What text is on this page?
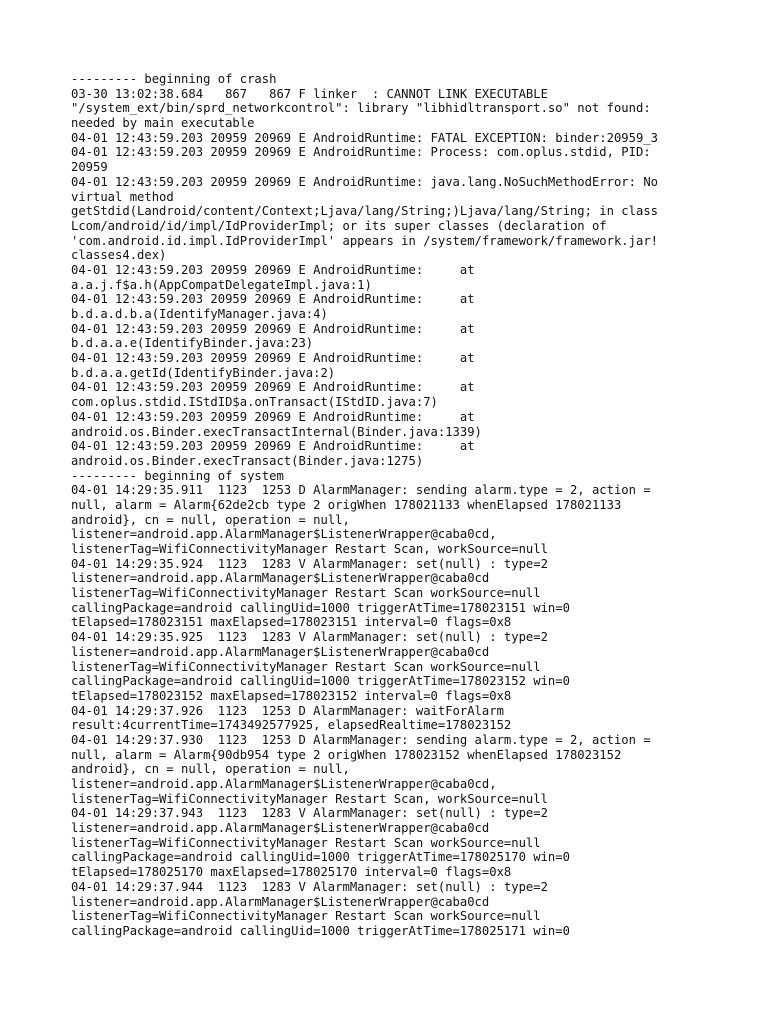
--------- beginning of crash
03-30 13:02:38.684   867   867 F linker  : CANNOT LINK EXECUTABLE
"/system_ext/bin/sprd_networkcontrol": library "libhidltransport.so" not found:
needed by main executable
04-01 12:43:59.203 20959 20969 E AndroidRuntime: FATAL EXCEPTION: binder:20959_3
04-01 12:43:59.203 20959 20969 E AndroidRuntime: Process: com.oplus.stdid, PID:
20959
04-01 12:43:59.203 20959 20969 E AndroidRuntime: java.lang.NoSuchMethodError: No
virtual method
getStdid(Landroid/content/Context;Ljava/lang/String;)Ljava/lang/String; in class
Lcom/android/id/impl/IdProviderImpl; or its super classes (declaration of
'com.android.id.impl.IdProviderImpl' appears in /system/framework/framework.jar!
classes4.dex)
04-01 12:43:59.203 20959 20969 E AndroidRuntime:     at
a.a.j.f$a.h(AppCompatDelegateImpl.java:1)
04-01 12:43:59.203 20959 20969 E AndroidRuntime:     at
b.d.a.d.b.a(IdentifyManager.java:4)
04-01 12:43:59.203 20959 20969 E AndroidRuntime:     at
b.d.a.a.e(IdentifyBinder.java:23)
04-01 12:43:59.203 20959 20969 E AndroidRuntime:     at
b.d.a.a.getId(IdentifyBinder.java:2)
04-01 12:43:59.203 20959 20969 E AndroidRuntime:     at
com.oplus.stdid.IStdID$a.onTransact(IStdID.java:7)
04-01 12:43:59.203 20959 20969 E AndroidRuntime:     at
android.os.Binder.execTransactInternal(Binder.java:1339)
04-01 12:43:59.203 20959 20969 E AndroidRuntime:     at
android.os.Binder.execTransact(Binder.java:1275)
--------- beginning of system
04-01 14:29:35.911  1123  1253 D AlarmManager: sending alarm.type = 2, action =
null, alarm = Alarm{62de2cb type 2 origWhen 178021133 whenElapsed 178021133
android}, cn = null, operation = null,
listener=android.app.AlarmManager$ListenerWrapper@caba0cd,
listenerTag=WifiConnectivityManager Restart Scan, workSource=null
04-01 14:29:35.924  1123  1283 V AlarmManager: set(null) : type=2
listener=android.app.AlarmManager$ListenerWrapper@caba0cd
listenerTag=WifiConnectivityManager Restart Scan workSource=null
callingPackage=android callingUid=1000 triggerAtTime=178023151 win=0
tElapsed=178023151 maxElapsed=178023151 interval=0 flags=0x8
04-01 14:29:35.925  1123  1283 V AlarmManager: set(null) : type=2
listener=android.app.AlarmManager$ListenerWrapper@caba0cd
listenerTag=WifiConnectivityManager Restart Scan workSource=null
callingPackage=android callingUid=1000 triggerAtTime=178023152 win=0
tElapsed=178023152 maxElapsed=178023152 interval=0 flags=0x8
04-01 14:29:37.926  1123  1253 D AlarmManager: waitForAlarm
result:4currentTime=1743492577925, elapsedRealtime=178023152
04-01 14:29:37.930  1123  1253 D AlarmManager: sending alarm.type = 2, action =
null, alarm = Alarm{90db954 type 2 origWhen 178023152 whenElapsed 178023152
android}, cn = null, operation = null,
listener=android.app.AlarmManager$ListenerWrapper@caba0cd,
listenerTag=WifiConnectivityManager Restart Scan, workSource=null
04-01 14:29:37.943  1123  1283 V AlarmManager: set(null) : type=2
listener=android.app.AlarmManager$ListenerWrapper@caba0cd
listenerTag=WifiConnectivityManager Restart Scan workSource=null
callingPackage=android callingUid=1000 triggerAtTime=178025170 win=0
tElapsed=178025170 maxElapsed=178025170 interval=0 flags=0x8
04-01 14:29:37.944  1123  1283 V AlarmManager: set(null) : type=2
listener=android.app.AlarmManager$ListenerWrapper@caba0cd
listenerTag=WifiConnectivityManager Restart Scan workSource=null
callingPackage=android callingUid=1000 triggerAtTime=178025171 win=0
